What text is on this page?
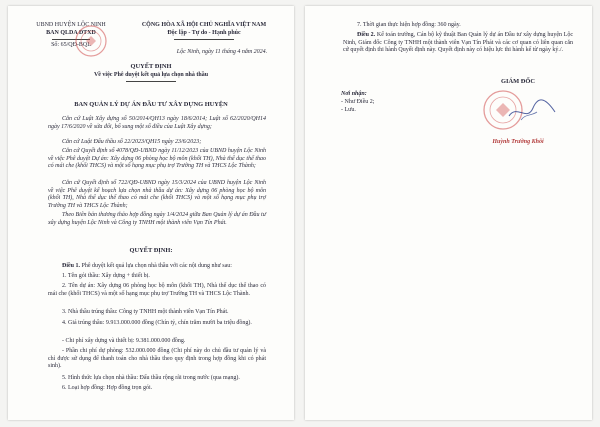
UBND HUYỆN LỘC NINH
BAN QLDA ĐTXD
Số: 65/QĐ-BQL
CỘNG HÒA XÃ HỘI CHỦ NGHĨA VIỆT NAM
Độc lập - Tự do - Hạnh phúc
Lộc Ninh, ngày 11 tháng 4 năm 2024.
QUYẾT ĐỊNH
Về việc Phê duyệt kết quả lựa chọn nhà thầu
BAN QUẢN LÝ DỰ ÁN ĐẦU TƯ XÂY DỰNG HUYỆN
Căn cứ Luật Xây dựng số 50/2014/QH13 ngày 18/6/2014; Luật số 62/2020/QH14 ngày 17/6/2020 về sửa đổi, bổ sung một số điều của Luật Xây dựng;
Căn cứ Luật Đấu thầu số 22/2023/QH15 ngày 23/6/2023;
Căn cứ Quyết định số 4078/QĐ-UBND ngày 11/12/2023 của UBND huyện Lộc Ninh về việc Phê duyệt Dự án: Xây dựng 06 phòng học bộ môn (khối TH), Nhà thể dục thể thao có mái che (khối THCS) và một số hạng mục phụ trợ Trường TH và THCS Lộc Thành;
Căn cứ Quyết định số 722/QĐ-UBND ngày 15/3/2024 của UBND huyện Lộc Ninh về việc Phê duyệt kế hoạch lựa chọn nhà thầu dự án: Xây dựng 06 phòng học bộ môn (khối TH), Nhà thể dục thể thao có mái che (khối THCS) và một số hạng mục phụ trợ Trường TH và THCS Lộc Thành;
Theo Biên bản thương thảo hợp đồng ngày 1/4/2024 giữa Ban Quản lý dự án Đầu tư xây dựng huyện Lộc Ninh và Công ty TNHH một thành viên Vạn Tín Phát.
QUYẾT ĐỊNH:
Điều 1. Phê duyệt kết quả lựa chọn nhà thầu với các nội dung như sau:
1. Tên gói thầu: Xây dựng + thiết bị.
2. Tên dự án: Xây dựng 06 phòng học bộ môn (khối TH), Nhà thể dục thể thao có mái che (khối THCS) và một số hạng mục phụ trợ Trường TH và THCS Lộc Thành.
3. Nhà thầu trúng thầu: Công ty TNHH một thành viên Vạn Tín Phát.
4. Giá trúng thầu: 9.913.000.000 đồng (Chín tỷ, chín trăm mười ba triệu đồng).
- Chi phí xây dựng và thiết bị: 9.381.000.000 đồng.
- Phần chi phí dự phòng: 532.000.000 đồng (Chi phí này do chủ đầu tư quản lý và chỉ được sử dụng để thanh toán cho nhà thầu theo quy định trong hợp đồng khi có phát sinh).
5. Hình thức lựa chọn nhà thầu: Đấu thầu rộng rãi trong nước (qua mạng).
6. Loại hợp đồng: Hợp đồng trọn gói.
7. Thời gian thực hiện hợp đồng: 360 ngày.
Điều 2. Kế toán trưởng, Cán bộ kỹ thuật Ban Quản lý dự án Đầu tư xây dựng huyện Lộc Ninh, Giám đốc Công ty TNHH một thành viên Vạn Tín Phát và các cơ quan có liên quan căn cứ quyết định thi hành Quyết định này. Quyết định này có hiệu lực thi hành kể từ ngày ký./.
Nơi nhận:
- Như Điều 2;
- Lưu.
GIÁM ĐỐC
Huỳnh Trường Khôi
